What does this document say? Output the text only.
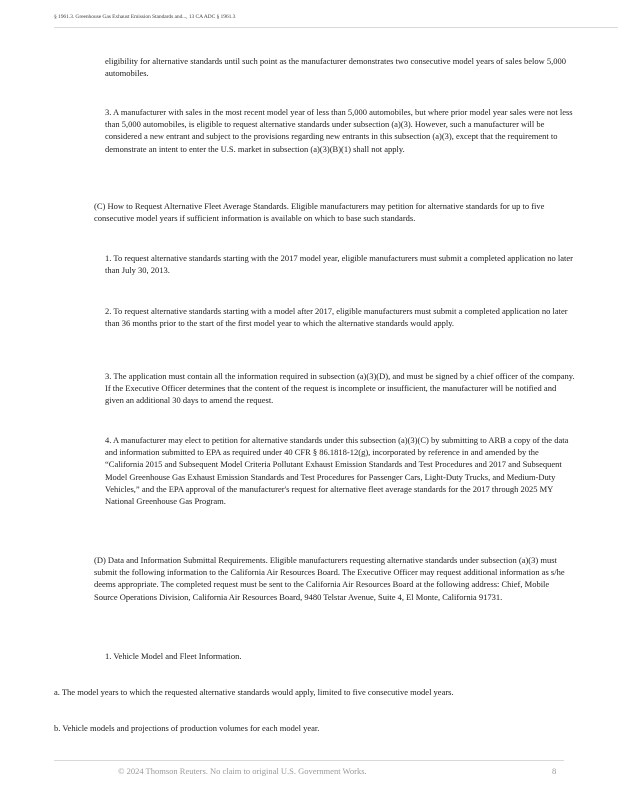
§ 1961.3. Greenhouse Gas Exhaust Emission Standards and..., 13 CA ADC § 1961.3

eligibility for alternative standards until such point as the manufacturer demonstrates two consecutive model years of sales below 5,000 automobiles.

3. A manufacturer with sales in the most recent model year of less than 5,000 automobiles, but where prior model year sales were not less than 5,000 automobiles, is eligible to request alternative standards under subsection (a)(3). However, such a manufacturer will be considered a new entrant and subject to the provisions regarding new entrants in this subsection (a)(3), except that the requirement to demonstrate an intent to enter the U.S. market in subsection (a)(3)(B)(1) shall not apply.

(C) How to Request Alternative Fleet Average Standards. Eligible manufacturers may petition for alternative standards for up to five consecutive model years if sufficient information is available on which to base such standards.

1. To request alternative standards starting with the 2017 model year, eligible manufacturers must submit a completed application no later than July 30, 2013.

2. To request alternative standards starting with a model after 2017, eligible manufacturers must submit a completed application no later than 36 months prior to the start of the first model year to which the alternative standards would apply.

3. The application must contain all the information required in subsection (a)(3)(D), and must be signed by a chief officer of the company. If the Executive Officer determines that the content of the request is incomplete or insufficient, the manufacturer will be notified and given an additional 30 days to amend the request.

4. A manufacturer may elect to petition for alternative standards under this subsection (a)(3)(C) by submitting to ARB a copy of the data and information submitted to EPA as required under 40 CFR § 86.1818-12(g), incorporated by reference in and amended by the “California 2015 and Subsequent Model Criteria Pollutant Exhaust Emission Standards and Test Procedures and 2017 and Subsequent Model Greenhouse Gas Exhaust Emission Standards and Test Procedures for Passenger Cars, Light-Duty Trucks, and Medium-Duty Vehicles,” and the EPA approval of the manufacturer's request for alternative fleet average standards for the 2017 through 2025 MY National Greenhouse Gas Program.

(D) Data and Information Submittal Requirements. Eligible manufacturers requesting alternative standards under subsection (a)(3) must submit the following information to the California Air Resources Board. The Executive Officer may request additional information as s/he deems appropriate. The completed request must be sent to the California Air Resources Board at the following address: Chief, Mobile Source Operations Division, California Air Resources Board, 9480 Telstar Avenue, Suite 4, El Monte, California 91731.

1. Vehicle Model and Fleet Information.

a. The model years to which the requested alternative standards would apply, limited to five consecutive model years.

b. Vehicle models and projections of production volumes for each model year.

© 2024 Thomson Reuters. No claim to original U.S. Government Works.	8
